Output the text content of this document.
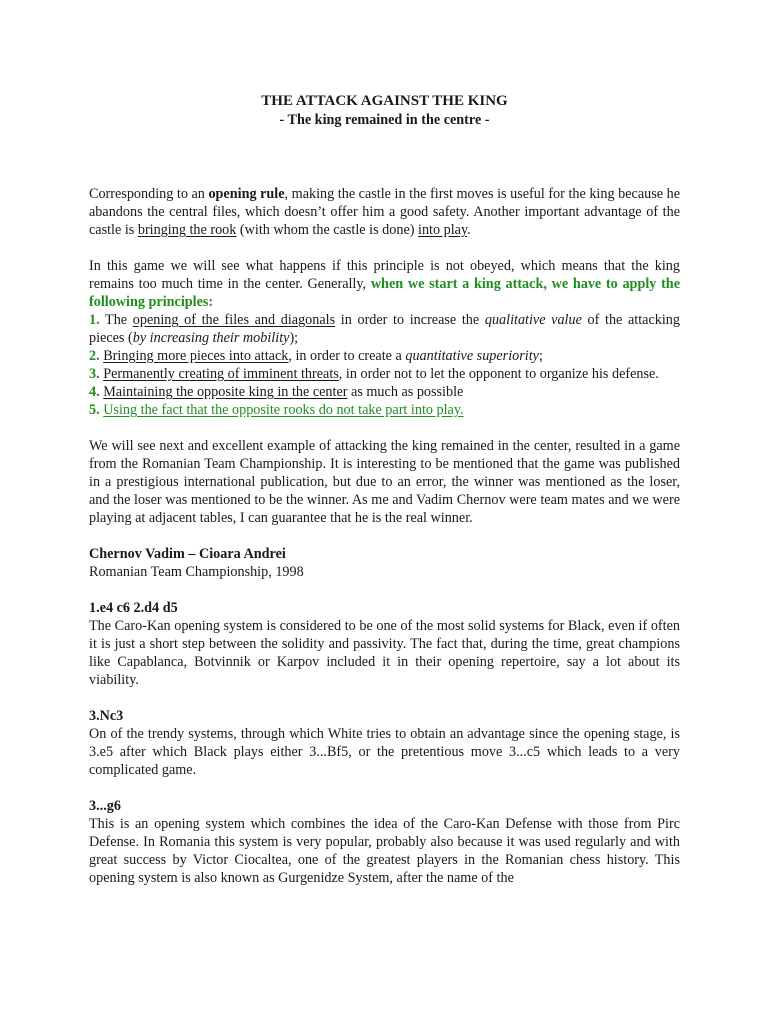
THE ATTACK AGAINST THE KING
- The king remained in the centre -

Corresponding to an opening rule, making the castle in the first moves is useful for the king because he abandons the central files, which doesn’t offer him a good safety. Another important advantage of the castle is bringing the rook (with whom the castle is done) into play.

In this game we will see what happens if this principle is not obeyed, which means that the king remains too much time in the center. Generally, when we start a king attack, we have to apply the following principles:

1. The opening of the files and diagonals in order to increase the qualitative value of the attacking pieces (by increasing their mobility);

2. Bringing more pieces into attack, in order to create a quantitative superiority;

3. Permanently creating of imminent threats, in order not to let the opponent to organize his defense.

4. Maintaining the opposite king in the center as much as possible

5. Using the fact that the opposite rooks do not take part into play.

We will see next and excellent example of attacking the king remained in the center, resulted in a game from the Romanian Team Championship. It is interesting to be mentioned that the game was published in a prestigious international publication, but due to an error, the winner was mentioned as the loser, and the loser was mentioned to be the winner. As me and Vadim Chernov were team mates and we were playing at adjacent tables, I can guarantee that he is the real winner.

Chernov Vadim – Cioara Andrei

Romanian Team Championship, 1998

1.e4 c6 2.d4 d5

The Caro-Kan opening system is considered to be one of the most solid systems for Black, even if often it is just a short step between the solidity and passivity. The fact that, during the time, great champions like Capablanca, Botvinnik or Karpov included it in their opening repertoire, say a lot about its viability.

3.Nc3

On of the trendy systems, through which White tries to obtain an advantage since the opening stage, is 3.e5 after which Black plays either 3...Bf5, or the pretentious move 3...c5 which leads to a very complicated game.

3...g6

This is an opening system which combines the idea of the Caro-Kan Defense with those from Pirc Defense. In Romania this system is very popular, probably also because it was used regularly and with great success by Victor Ciocaltea, one of the greatest players in the Romanian chess history. This opening system is also known as Gurgenidze System, after the name of the
